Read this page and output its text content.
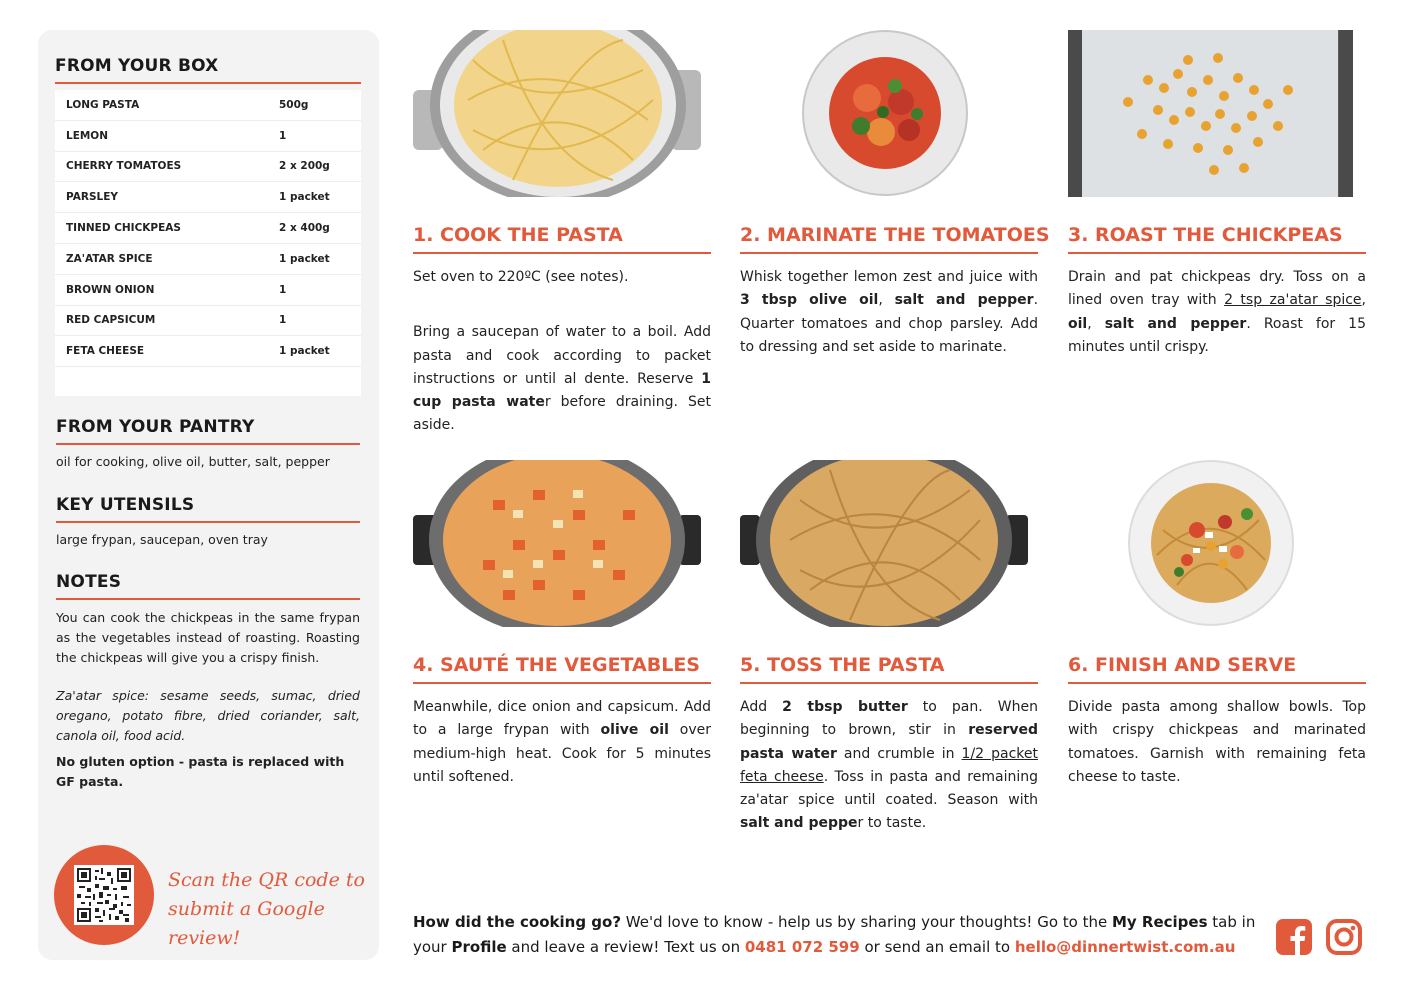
FROM YOUR BOX
LONG PASTA	500g
LEMON	1
CHERRY TOMATOES	2 x 200g
PARSLEY	1 packet
TINNED CHICKPEAS	2 x 400g
ZA'ATAR SPICE	1 packet
BROWN ONION	1
RED CAPSICUM	1
FETA CHEESE	1 packet
FROM YOUR PANTRY

oil for cooking, olive oil, butter, salt, pepper

KEY UTENSILS

large frypan, saucepan, oven tray

NOTES

You can cook the chickpeas in the same frypan as the vegetables instead of roasting. Roasting the chickpeas will give you a crispy finish.

Za'atar spice: sesame seeds, sumac, dried oregano, potato fibre, dried coriander, salt, canola oil, food acid.

No gluten option - pasta is replaced with GF pasta.

Scan the QR code to
submit a Google review!
1. COOK THE PASTA

Set oven to 220ºC (see notes).

Bring a saucepan of water to a boil. Add pasta and cook according to packet instructions or until al dente. Reserve 1 cup pasta water before draining. Set aside.

2. MARINATE THE TOMATOES
Whisk together lemon zest and juice with 3 tbsp olive oil, salt and pepper. Quarter tomatoes and chop parsley. Add to dressing and set aside to marinate.
3. ROAST THE CHICKPEAS
Drain and pat chickpeas dry. Toss on a lined oven tray with 2 tsp za'atar spice, oil, salt and pepper. Roast for 15 minutes until crispy.
4. SAUTÉ THE VEGETABLES
Meanwhile, dice onion and capsicum. Add to a large frypan with olive oil over medium-high heat. Cook for 5 minutes until softened.
5. TOSS THE PASTA
Add 2 tbsp butter to pan. When beginning to brown, stir in reserved pasta water and crumble in 1/2 packet feta cheese. Toss in pasta and remaining za'atar spice until coated. Season with salt and pepper to taste.
6. FINISH AND SERVE
Divide pasta among shallow bowls. Top with crispy chickpeas and marinated tomatoes. Garnish with remaining feta cheese to taste.
How did the cooking go? We'd love to know - help us by sharing your thoughts! Go to the My Recipes tab in your Profile and leave a review! Text us on 0481 072 599 or send an email to hello@dinnertwist.com.au
